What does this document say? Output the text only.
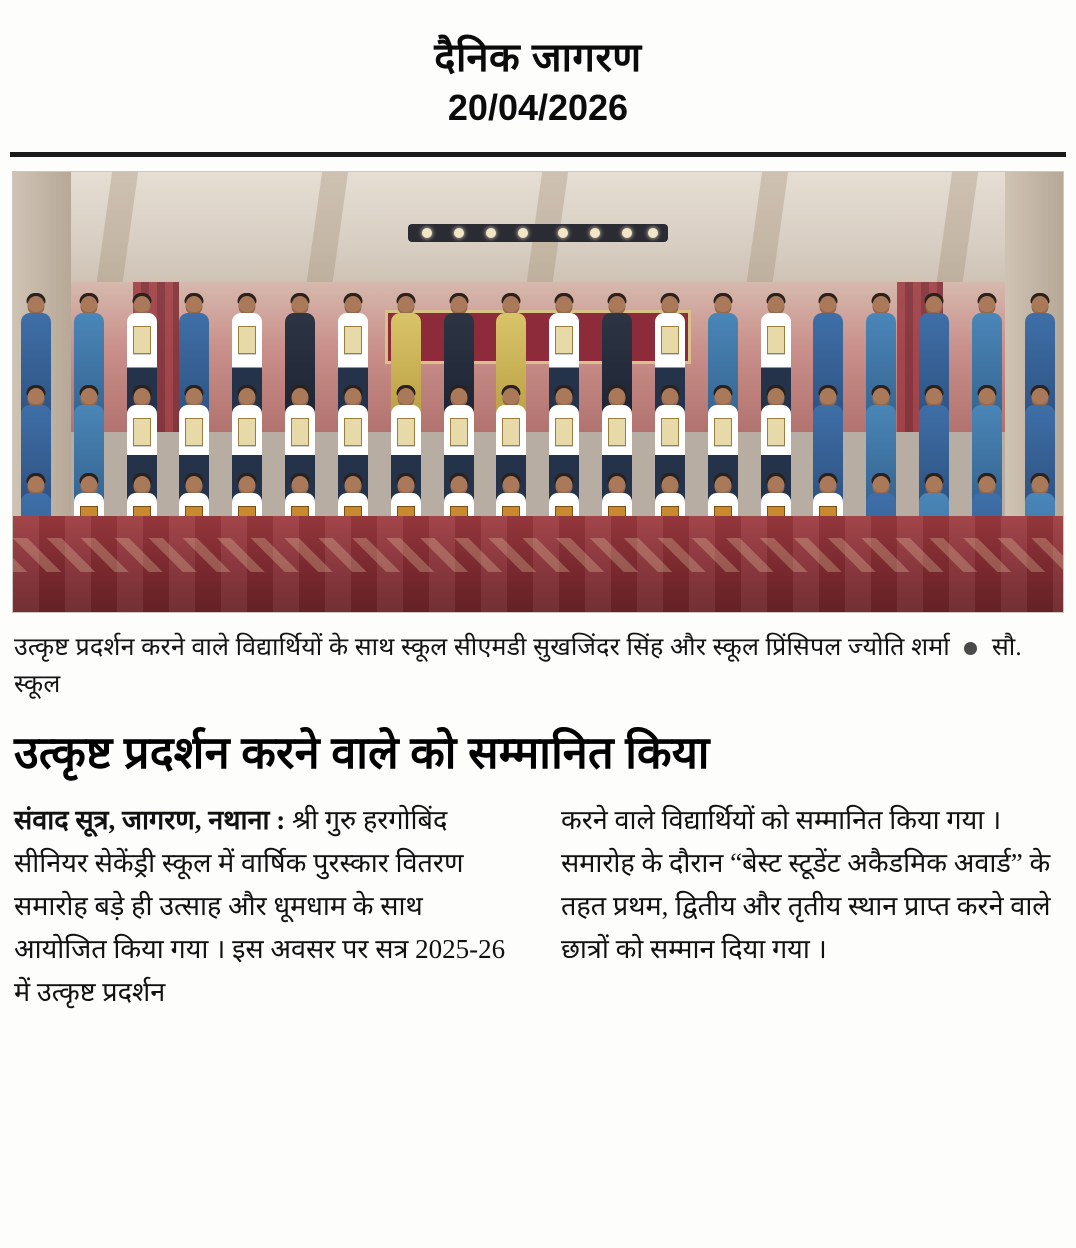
दैनिक जागरण
20/04/2026
उत्कृष्ट प्रदर्शन करने वाले विद्यार्थियों के साथ स्कूल सीएमडी सुखजिंदर सिंह और स्कूल प्रिंसिपल ज्योति शर्मा सौ. स्कूल
उत्कृष्ट प्रदर्शन करने वाले को सम्मानित किया

संवाद सूत्र, जागरण, नथाना : श्री गुरु हरगोबिंद सीनियर सेकेंड्री स्कूल में वार्षिक पुरस्कार वितरण समारोह बड़े ही उत्साह और धूमधाम के साथ आयोजित किया गया । इस अवसर पर सत्र 2025-26 में उत्कृष्ट प्रदर्शन

करने वाले विद्यार्थियों को सम्मानित किया गया । समारोह के दौरान “बेस्ट स्टूडेंट अकैडमिक अवार्ड” के तहत प्रथम, द्वितीय और तृतीय स्थान प्राप्त करने वाले छात्रों को सम्मान दिया गया ।
